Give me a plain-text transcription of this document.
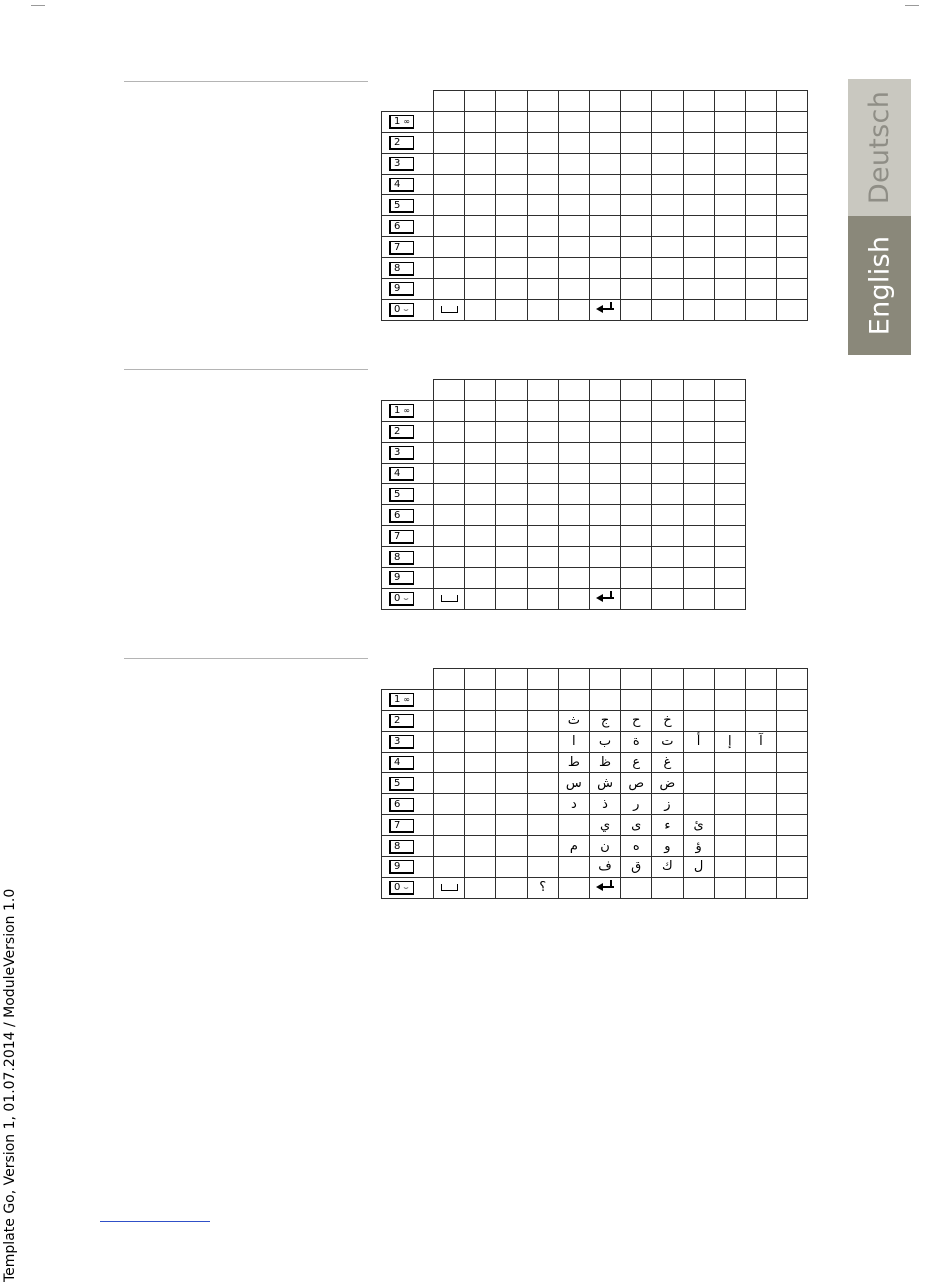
Deutsch
English

1 ∞												
2												
3												
4												
5												
6												
7												
8												
9												
0 ⌣						

1 ∞										
2										
3										
4										
5										
6										
7										
8										
9										
0 ⌣						

1 ∞												
2					ث	ج	ح	خ				
3					ا	ب	ة	ت	أ	إ	آ	
4					ط	ظ	ع	غ				
5					س	ش	ص	ض				
6					د	ذ	ر	ز				
7						ي	ى	ء	ئ			
8					م	ن	ه	و	ؤ			
9						ف	ق	ك	ل			
0 ⌣				؟		

Template Go, Version 1, 01.07.2014 / ModuleVersion 1.0
